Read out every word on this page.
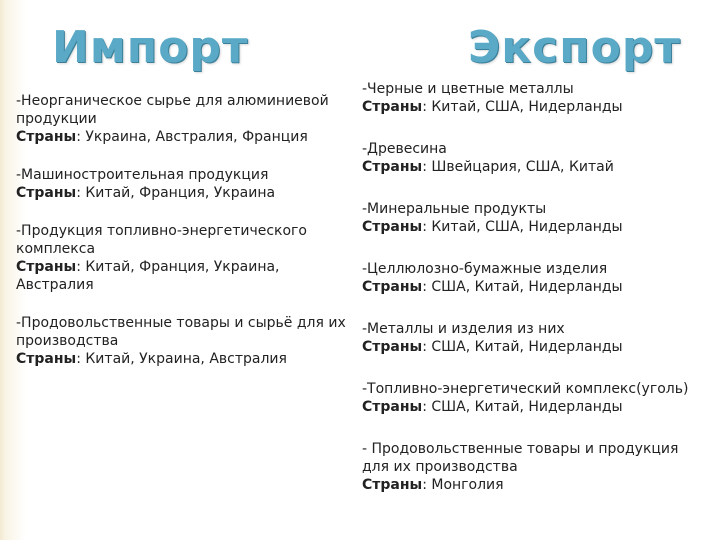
Импорт	Экспорт

-Неорганическое сырье для алюминиевой продукции

Страны: Украина, Австралия, Франция

-Машиностроительная продукция

Страны: Китай, Франция, Украина

-Продукция топливно-энергетического комплекса

Страны: Китай, Франция, Украина, Австралия

-Продовольственные товары и сырьё для их производства

Страны: Китай, Украина, Австралия

-Черные и цветные металлы

Страны: Китай, США, Нидерланды

-Древесина

Страны: Швейцария, США, Китай

-Минеральные продукты

Страны: Китай, США, Нидерланды

-Целлюлозно-бумажные изделия

Страны: США, Китай, Нидерланды

-Металлы и изделия из них

Страны: США, Китай, Нидерланды

-Топливно-энергетический комплекс(уголь)

Страны: США, Китай, Нидерланды

- Продовольственные товары и продукция для их производства

Страны: Монголия
